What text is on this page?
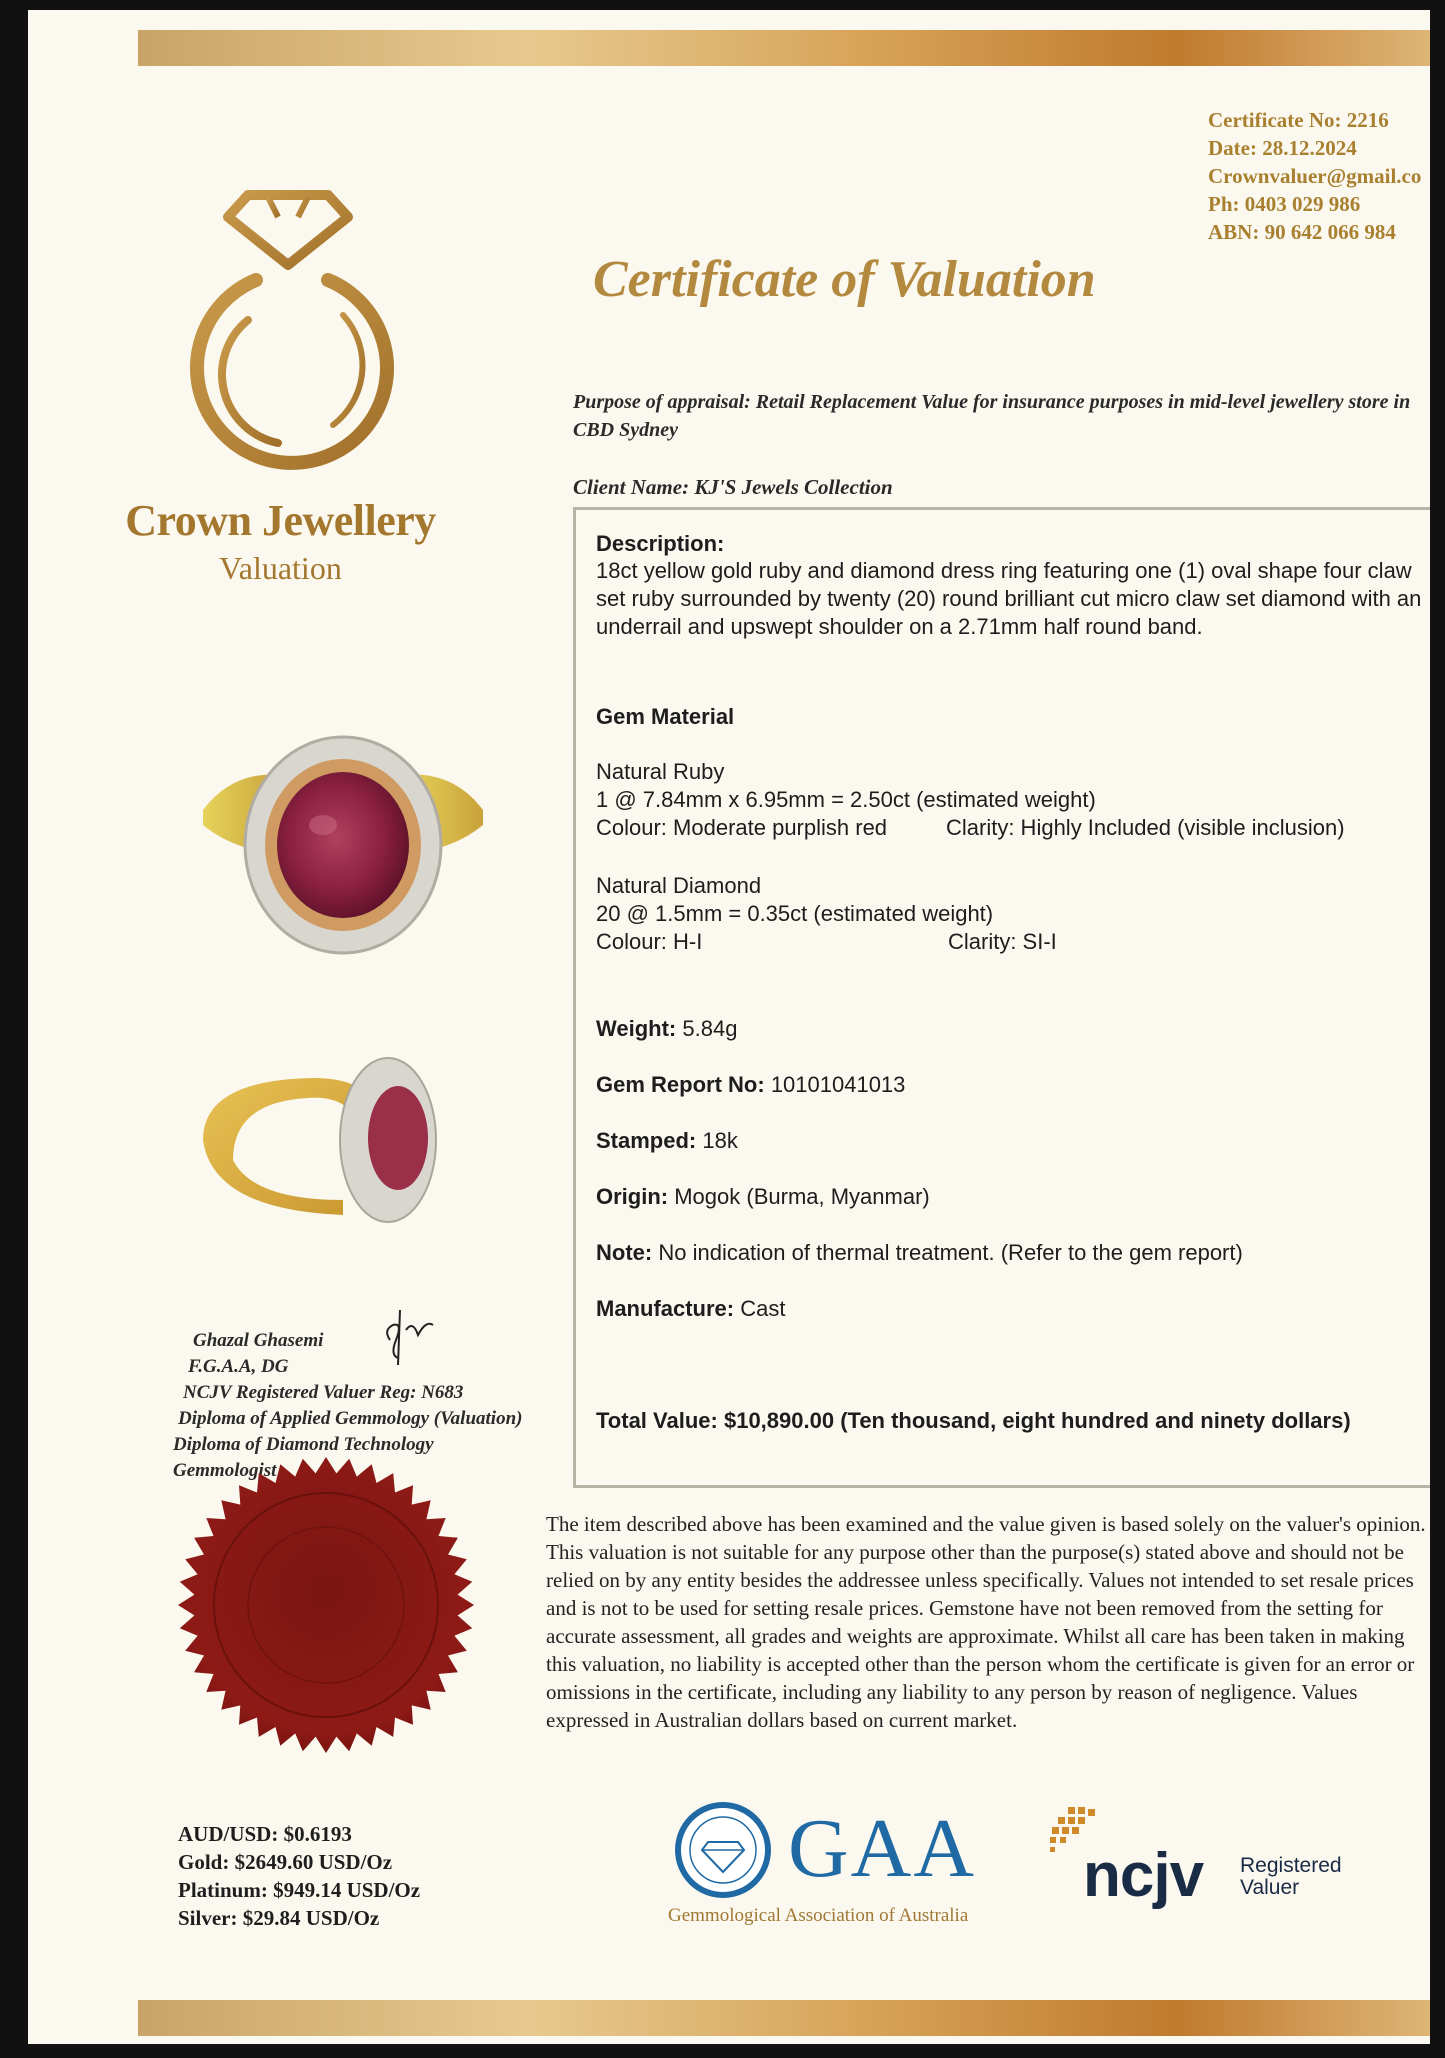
Certificate No: 2216
Date: 28.12.2024
Crownvaluer@gmail.co
Ph: 0403 029 986
ABN: 90 642 066 984
Certificate of Valuation
Crown Jewellery
Valuation
Purpose of appraisal: Retail Replacement Value for insurance purposes in mid-level jewellery store in CBD Sydney
Client Name: KJ'S Jewels Collection
Description:
18ct yellow gold ruby and diamond dress ring featuring one (1) oval shape four claw set ruby surrounded by twenty (20) round brilliant cut micro claw set diamond with an underrail and upswept shoulder on a 2.71mm half round band.
Gem Material
Natural Ruby
1 @ 7.84mm x 6.95mm = 2.50ct (estimated weight)
Colour: Moderate purplish red	Clarity: Highly Included (visible inclusion)
Natural Diamond
20 @ 1.5mm = 0.35ct (estimated weight)
Colour: H-I	Clarity: SI-I
Weight: 5.84g
Gem Report No: 10101041013
Stamped: 18k
Origin: Mogok (Burma, Myanmar)
Note: No indication of thermal treatment. (Refer to the gem report)
Manufacture: Cast
Total Value: $10,890.00 (Ten thousand, eight hundred and ninety dollars)
Ghazal Ghasemi
F.G.A.A, DG
NCJV Registered Valuer Reg: N683
Diploma of Applied Gemmology (Valuation)
Diploma of Diamond Technology
Gemmologist
The item described above has been examined and the value given is based solely on the valuer's opinion. This valuation is not suitable for any purpose other than the purpose(s) stated above and should not be relied on by any entity besides the addressee unless specifically. Values not intended to set resale prices and is not to be used for setting resale prices. Gemstone have not been removed from the setting for accurate assessment, all grades and weights are approximate. Whilst all care has been taken in making this valuation, no liability is accepted other than the person whom the certificate is given for an error or omissions in the certificate, including any liability to any person by reason of negligence. Values expressed in Australian dollars based on current market.
AUD/USD: $0.6193
Gold: $2649.60 USD/Oz
Platinum: $949.14 USD/Oz
Silver: $29.84 USD/Oz
GAA
Gemmological Association of Australia
ncjv Registered
Valuer
